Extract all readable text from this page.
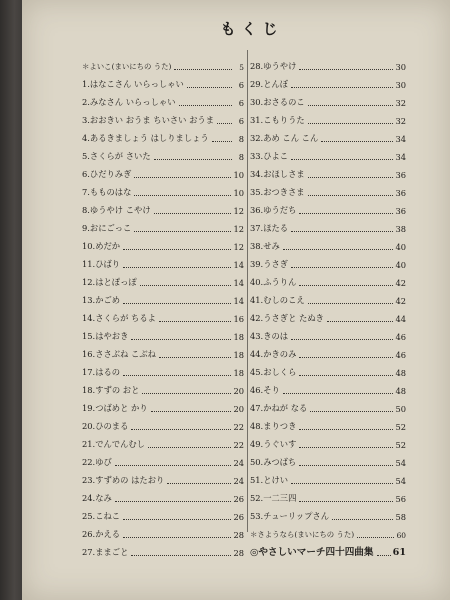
もくじ
＊よいこ(まいにちの うた)	5
1.はなこさん いらっしゃい	6
2.みなさん いらっしゃい	6
3.おおきい おうま ちいさい おうま	6
4.あるきましょう はしりましょう	8
5.さくらが さいた	8
6.ひだりみぎ	10
7.もものはな	10
8.ゆうやけ こやけ	12
9.おにごっこ	12
10.めだか	12
11.ひばり	14
12.はとぽっぽ	14
13.かごめ	14
14.さくらが ちるよ	16
15.はやおき	18
16.ささぶね こぶね	18
17.はるの	18
18.すずの おと	20
19.つばめと かり	20
20.ひのまる	22
21.でんでんむし	22
22.ゆび	24
23.すずめの はたおり	24
24.なみ	26
25.こねこ	26
26.かえる	28
27.ままごと	28
28.ゆうやけ	30
29.とんぼ	30
30.おさるのこ	32
31.こもりうた	32
32.あめ こん こん	34
33.ひよこ	34
34.おほしさま	36
35.おつきさま	36
36.ゆうだち	36
37.ほたる	38
38.せみ	40
39.うさぎ	40
40.ふうりん	42
41.むしのこえ	42
42.うさぎと たぬき	44
43.きのは	46
44.かきのみ	46
45.おしくら	48
46.そり	48
47.かねが なる	50
48.まりつき	52
49.うぐいす	52
50.みつばち	54
51.とけい	54
52.一二三四	56
53.チューリップさん	58
＊さようなら(まいにちの うた)	60
◎やさしいマーチ四十四曲集 61
